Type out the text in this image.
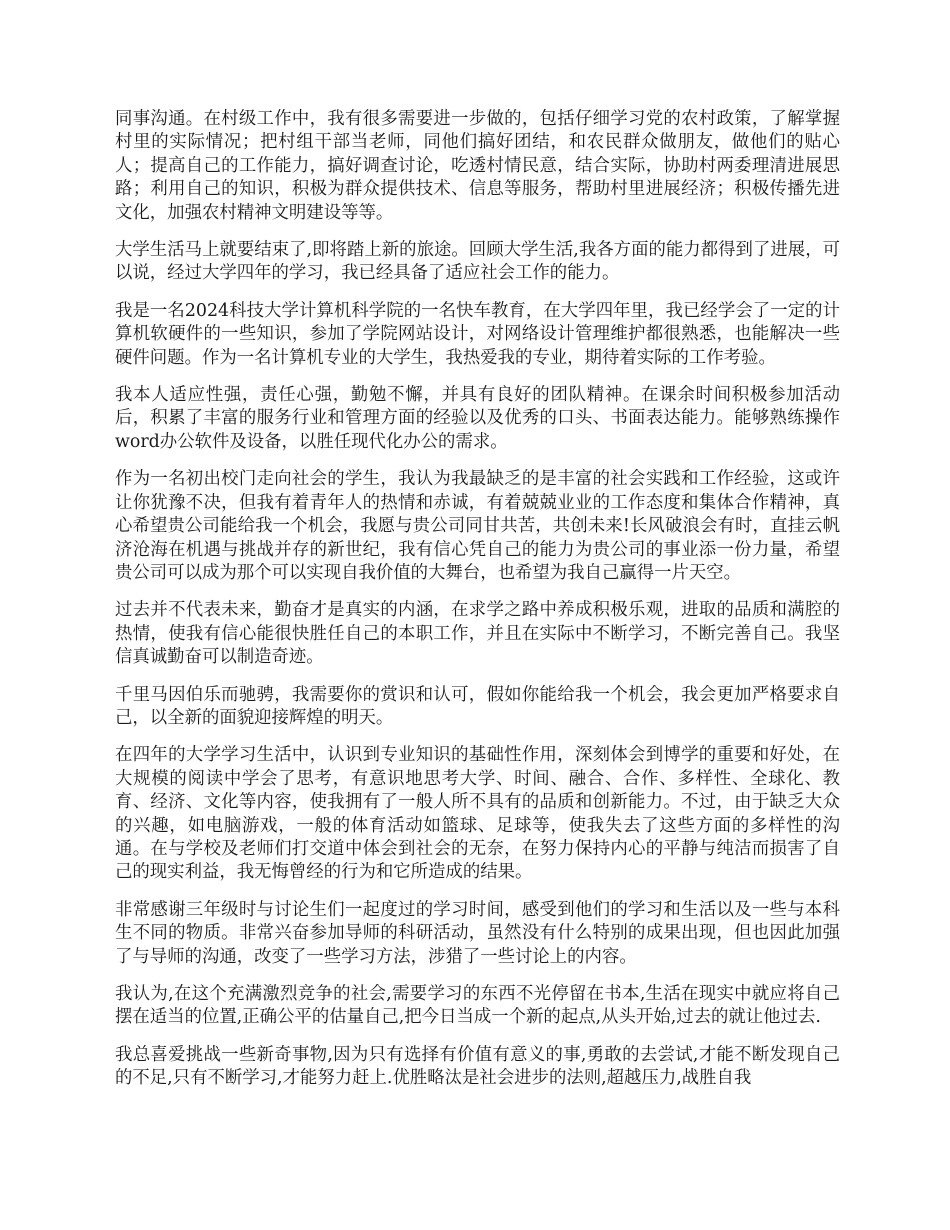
同事沟通。在村级工作中，我有很多需要进一步做的，包括仔细学习党的农村政策，了解掌握村里的实际情况；把村组干部当老师，同他们搞好团结，和农民群众做朋友，做他们的贴心人；提高自己的工作能力，搞好调查讨论，吃透村情民意，结合实际，协助村两委理清进展思路；利用自己的知识，积极为群众提供技术、信息等服务，帮助村里进展经济；积极传播先进文化，加强农村精神文明建设等等。

大学生活马上就要结束了,即将踏上新的旅途。回顾大学生活,我各方面的能力都得到了进展，可以说，经过大学四年的学习，我已经具备了适应社会工作的能力。

我是一名2024科技大学计算机科学院的一名快车教育，在大学四年里，我已经学会了一定的计算机软硬件的一些知识，参加了学院网站设计，对网络设计管理维护都很熟悉，也能解决一些硬件问题。作为一名计算机专业的大学生，我热爱我的专业，期待着实际的工作考验。

我本人适应性强，责任心强，勤勉不懈，并具有良好的团队精神。在课余时间积极参加活动后，积累了丰富的服务行业和管理方面的经验以及优秀的口头、书面表达能力。能够熟练操作word办公软件及设备，以胜任现代化办公的需求。

作为一名初出校门走向社会的学生，我认为我最缺乏的是丰富的社会实践和工作经验，这或许让你犹豫不决，但我有着青年人的热情和赤诚，有着兢兢业业的工作态度和集体合作精神，真心希望贵公司能给我一个机会，我愿与贵公司同甘共苦，共创未来!长风破浪会有时，直挂云帆济沧海在机遇与挑战并存的新世纪，我有信心凭自己的能力为贵公司的事业添一份力量，希望贵公司可以成为那个可以实现自我价值的大舞台，也希望为我自己赢得一片天空。

过去并不代表未来，勤奋才是真实的内涵，在求学之路中养成积极乐观，进取的品质和满腔的热情，使我有信心能很快胜任自己的本职工作，并且在实际中不断学习，不断完善自己。我坚信真诚勤奋可以制造奇迹。

千里马因伯乐而驰骋，我需要你的赏识和认可，假如你能给我一个机会，我会更加严格要求自己，以全新的面貌迎接辉煌的明天。

在四年的大学学习生活中，认识到专业知识的基础性作用，深刻体会到博学的重要和好处，在大规模的阅读中学会了思考，有意识地思考大学、时间、融合、合作、多样性、全球化、教育、经济、文化等内容，使我拥有了一般人所不具有的品质和创新能力。不过，由于缺乏大众的兴趣，如电脑游戏，一般的体育活动如篮球、足球等，使我失去了这些方面的多样性的沟通。在与学校及老师们打交道中体会到社会的无奈，在努力保持内心的平静与纯洁而损害了自己的现实利益，我无悔曾经的行为和它所造成的结果。

非常感谢三年级时与讨论生们一起度过的学习时间，感受到他们的学习和生活以及一些与本科生不同的物质。非常兴奋参加导师的科研活动，虽然没有什么特别的成果出现，但也因此加强了与导师的沟通，改变了一些学习方法，涉猎了一些讨论上的内容。

我认为,在这个充满激烈竞争的社会,需要学习的东西不光停留在书本,生活在现实中就应将自己摆在适当的位置,正确公平的估量自己,把今日当成一个新的起点,从头开始,过去的就让他过去.

我总喜爱挑战一些新奇事物,因为只有选择有价值有意义的事,勇敢的去尝试,才能不断发现自己的不足,只有不断学习,才能努力赶上.优胜略汰是社会进步的法则,超越压力,战胜自我
